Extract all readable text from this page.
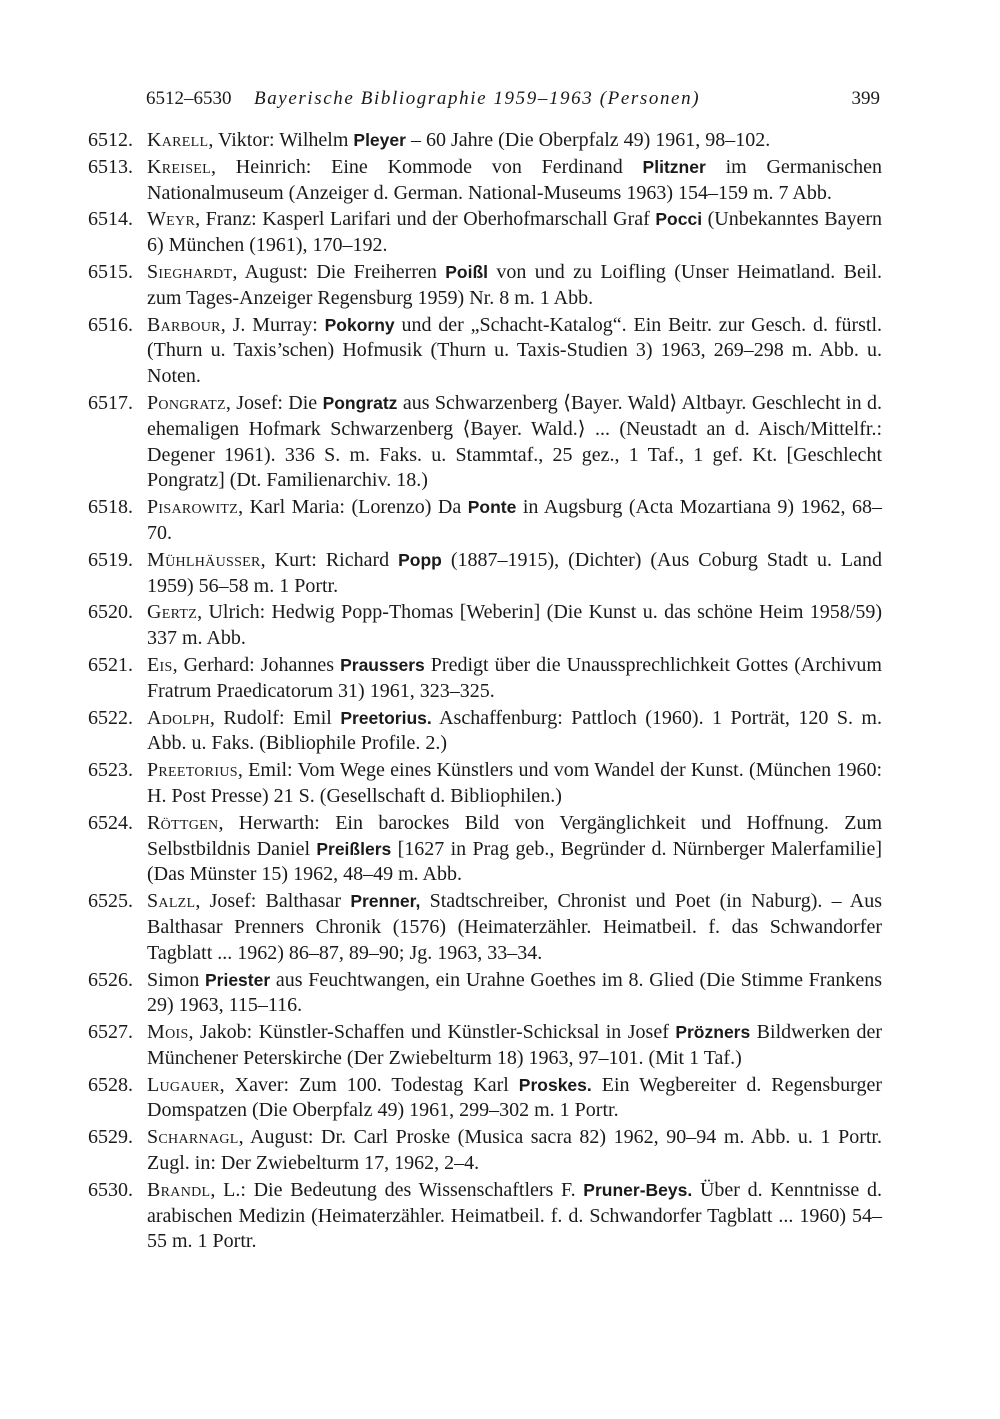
6512–6530 Bayerische Bibliographie 1959–1963 (Personen)	399
6512. Karell, Viktor: Wilhelm Pleyer – 60 Jahre (Die Oberpfalz 49) 1961, 98–102.
6513. Kreisel, Heinrich: Eine Kommode von Ferdinand Plitzner im Germanischen Nationalmuseum (Anzeiger d. German. National-Museums 1963) 154–159 m. 7 Abb.
6514. Weyr, Franz: Kasperl Larifari und der Oberhofmarschall Graf Pocci (Unbekanntes Bayern 6) München (1961), 170–192.
6515. Sieghardt, August: Die Freiherren Poißl von und zu Loifling (Unser Heimatland. Beil. zum Tages-Anzeiger Regensburg 1959) Nr. 8 m. 1 Abb.
6516. Barbour, J. Murray: Pokorny und der „Schacht-Katalog“. Ein Beitr. zur Gesch. d. fürstl. (Thurn u. Taxis’schen) Hofmusik (Thurn u. Taxis-Studien 3) 1963, 269–298 m. Abb. u. Noten.
6517. Pongratz, Josef: Die Pongratz aus Schwarzenberg ⟨Bayer. Wald⟩ Altbayr. Geschlecht in d. ehemaligen Hofmark Schwarzenberg ⟨Bayer. Wald.⟩ ... (Neustadt an d. Aisch/Mittelfr.: Degener 1961). 336 S. m. Faks. u. Stammtaf., 25 gez., 1 Taf., 1 gef. Kt. [Geschlecht Pongratz] (Dt. Familienarchiv. 18.)
6518. Pisarowitz, Karl Maria: (Lorenzo) Da Ponte in Augsburg (Acta Mozartiana 9) 1962, 68–70.
6519. Mühlhäusser, Kurt: Richard Popp (1887–1915), (Dichter) (Aus Coburg Stadt u. Land 1959) 56–58 m. 1 Portr.
6520. Gertz, Ulrich: Hedwig Popp-Thomas [Weberin] (Die Kunst u. das schöne Heim 1958/59) 337 m. Abb.
6521. Eis, Gerhard: Johannes Praussers Predigt über die Unaussprechlichkeit Gottes (Archivum Fratrum Praedicatorum 31) 1961, 323–325.
6522. Adolph, Rudolf: Emil Preetorius. Aschaffenburg: Pattloch (1960). 1 Porträt, 120 S. m. Abb. u. Faks. (Bibliophile Profile. 2.)
6523. Preetorius, Emil: Vom Wege eines Künstlers und vom Wandel der Kunst. (München 1960: H. Post Presse) 21 S. (Gesellschaft d. Bibliophilen.)
6524. Röttgen, Herwarth: Ein barockes Bild von Vergänglichkeit und Hoffnung. Zum Selbstbildnis Daniel Preißlers [1627 in Prag geb., Begründer d. Nürnberger Malerfamilie] (Das Münster 15) 1962, 48–49 m. Abb.
6525. Salzl, Josef: Balthasar Prenner, Stadtschreiber, Chronist und Poet (in Naburg). – Aus Balthasar Prenners Chronik (1576) (Heimaterzähler. Heimatbeil. f. das Schwandorfer Tagblatt ... 1962) 86–87, 89–90; Jg. 1963, 33–34.
6526. Simon Priester aus Feuchtwangen, ein Urahne Goethes im 8. Glied (Die Stimme Frankens 29) 1963, 115–116.
6527. Mois, Jakob: Künstler-Schaffen und Künstler-Schicksal in Josef Prözners Bildwerken der Münchener Peterskirche (Der Zwiebelturm 18) 1963, 97–101. (Mit 1 Taf.)
6528. Lugauer, Xaver: Zum 100. Todestag Karl Proskes. Ein Wegbereiter d. Regensburger Domspatzen (Die Oberpfalz 49) 1961, 299–302 m. 1 Portr.
6529. Scharnagl, August: Dr. Carl Proske (Musica sacra 82) 1962, 90–94 m. Abb. u. 1 Portr. Zugl. in: Der Zwiebelturm 17, 1962, 2–4.
6530. Brandl, L.: Die Bedeutung des Wissenschaftlers F. Pruner-Beys. Über d. Kenntnisse d. arabischen Medizin (Heimaterzähler. Heimatbeil. f. d. Schwandorfer Tagblatt ... 1960) 54–55 m. 1 Portr.
